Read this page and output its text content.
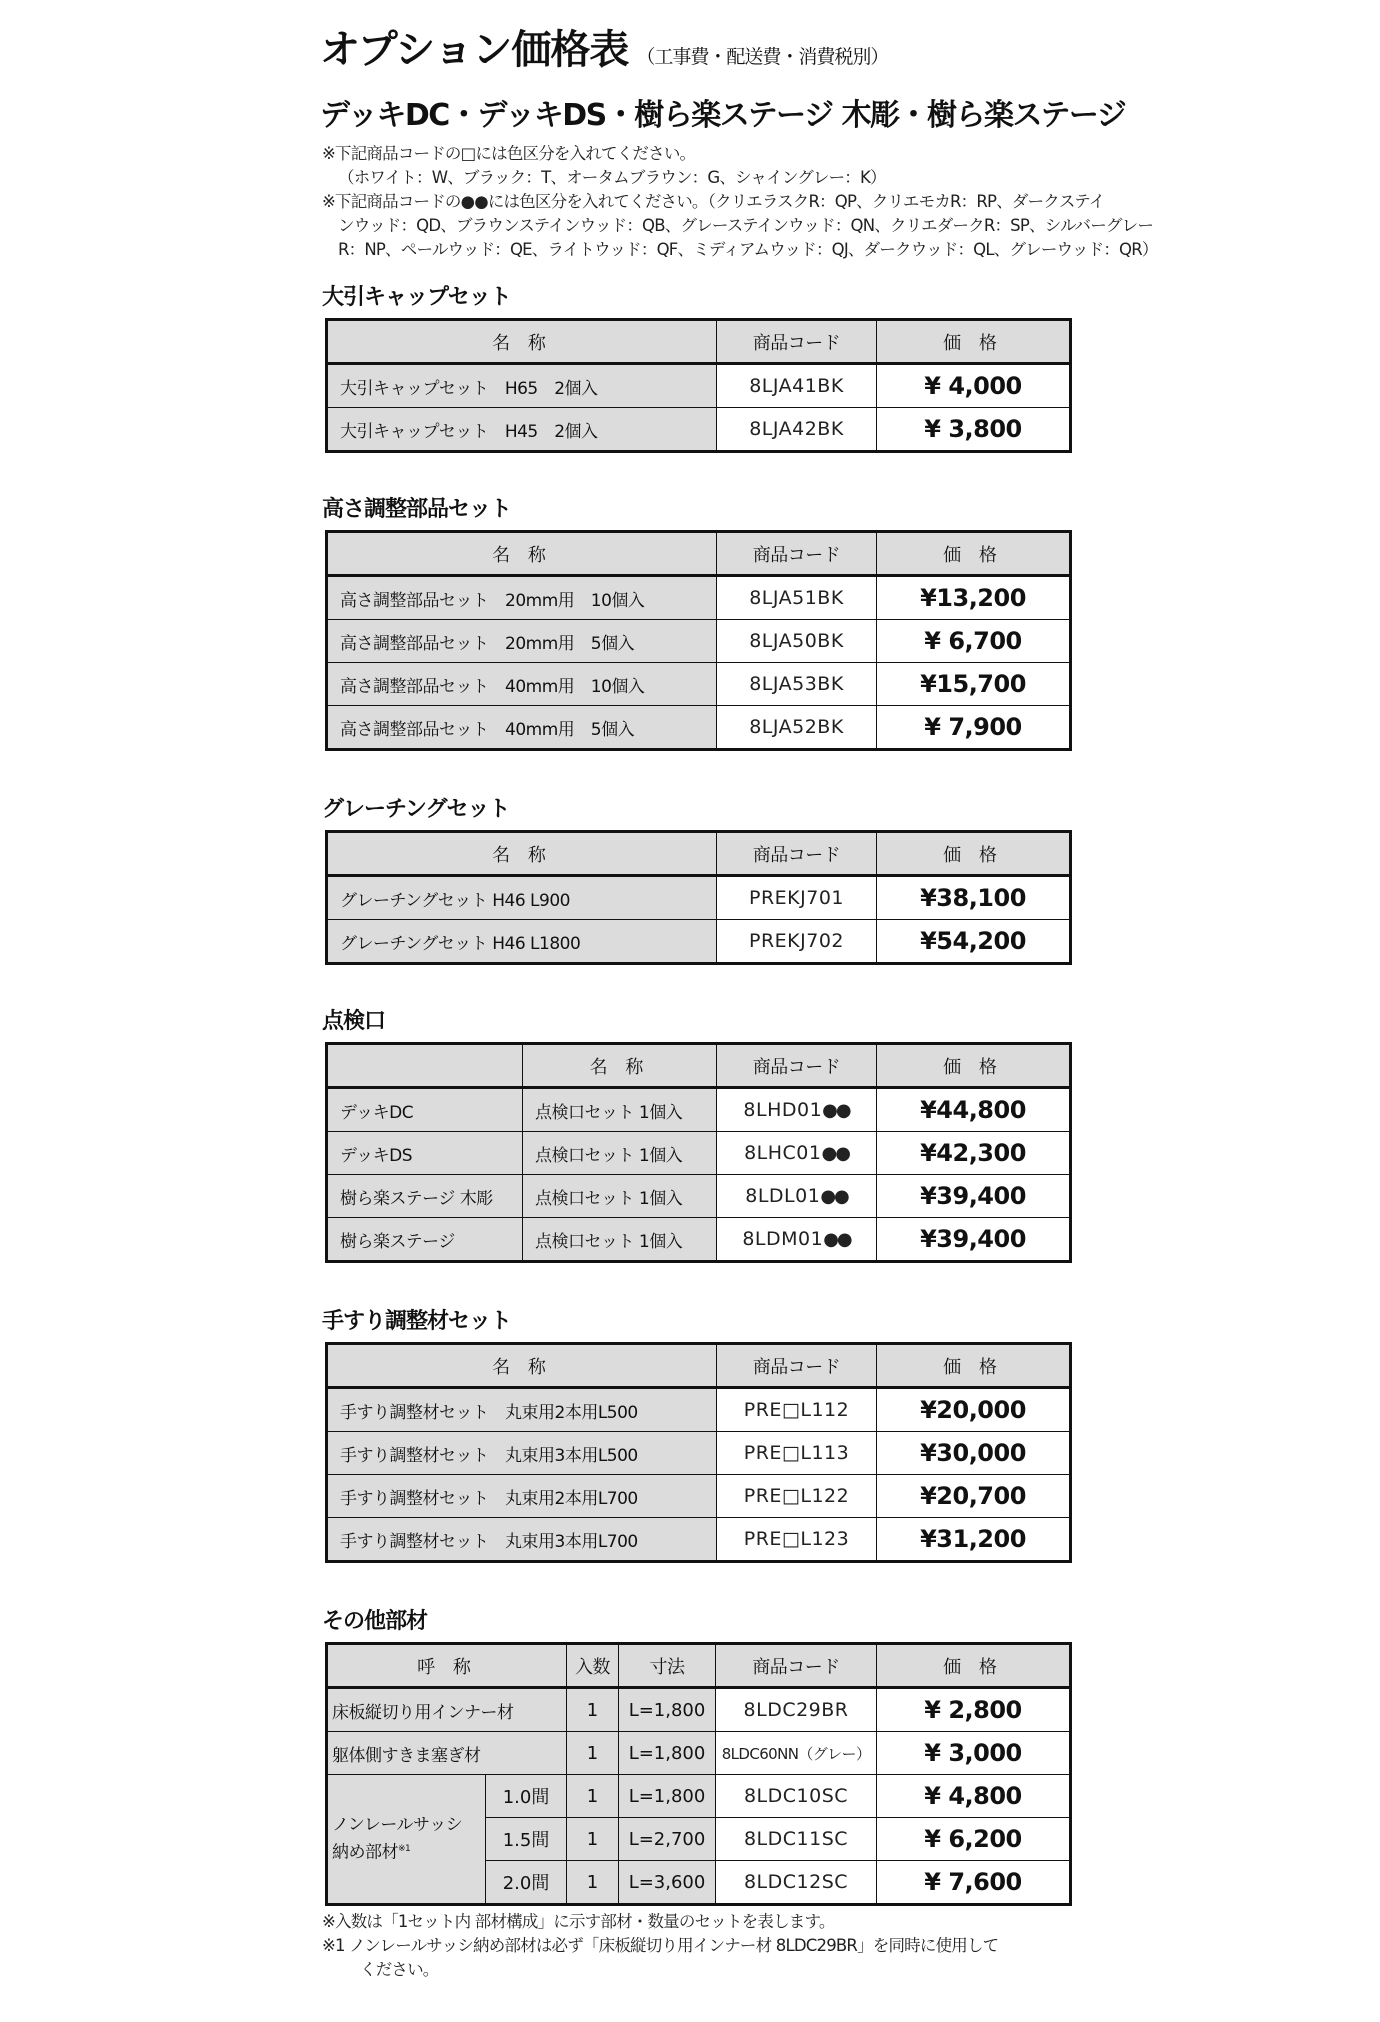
オプション価格表 （工事費・配送費・消費税別）
デッキDC・デッキDS・樹ら楽ステージ 木彫・樹ら楽ステージ
※下記商品コードの□には色区分を入れてください。
（ホワイト：W、ブラック：T、オータムブラウン：G、シャイングレー：K）
※下記商品コードの●●には色区分を入れてください。（クリエラスクR：QP、クリエモカR：RP、ダークステイ
ンウッド：QD、ブラウンステインウッド：QB、グレーステインウッド：QN、クリエダークR：SP、シルバーグレー
R：NP、ペールウッド：QE、ライトウッド：QF、ミディアムウッド：QJ、ダークウッド：QL、グレーウッド：QR）
大引キャップセット
名 称	商品コード	価 格
大引キャップセット　H65　2個入	8LJA41BK	¥ 4,000
大引キャップセット　H45　2個入	8LJA42BK	¥ 3,800
高さ調整部品セット
名 称	商品コード	価 格
高さ調整部品セット　20mm用　10個入	8LJA51BK	¥13,200
高さ調整部品セット　20mm用　5個入	8LJA50BK	¥ 6,700
高さ調整部品セット　40mm用　10個入	8LJA53BK	¥15,700
高さ調整部品セット　40mm用　5個入	8LJA52BK	¥ 7,900
グレーチングセット
名 称	商品コード	価 格
グレーチングセット H46 L900	PREKJ701	¥38,100
グレーチングセット H46 L1800	PREKJ702	¥54,200
点検口
	名 称	商品コード	価 格
デッキDC	点検口セット 1個入	8LHD01●●	¥44,800
デッキDS	点検口セット 1個入	8LHC01●●	¥42,300
樹ら楽ステージ 木彫	点検口セット 1個入	8LDL01●●	¥39,400
樹ら楽ステージ	点検口セット 1個入	8LDM01●●	¥39,400
手すり調整材セット
名 称	商品コード	価 格
手すり調整材セット　丸束用2本用L500	PRE□L112	¥20,000
手すり調整材セット　丸束用3本用L500	PRE□L113	¥30,000
手すり調整材セット　丸束用2本用L700	PRE□L122	¥20,700
手すり調整材セット　丸束用3本用L700	PRE□L123	¥31,200
その他部材
呼 称		入数	寸法	商品コード	価 格
床板縦切り用インナー材		1	L=1,800	8LDC29BR	¥ 2,800
躯体側すきま塞ぎ材		1	L=1,800	8LDC60NN（グレー）	¥ 3,000

ノンレールサッシ
納め部材$^{※1}$	1.0間	1	L=1,800	8LDC10SC	¥ 4,800
	1.5間	1	L=2,700	8LDC11SC	¥ 6,200
	2.0間	1	L=3,600	8LDC12SC	¥ 7,600
※入数は「1セット内 部材構成」に示す部材・数量のセットを表します。
※1 ノンレールサッシ納め部材は必ず「床板縦切り用インナー材 8LDC29BR」を同時に使用して
ください。
